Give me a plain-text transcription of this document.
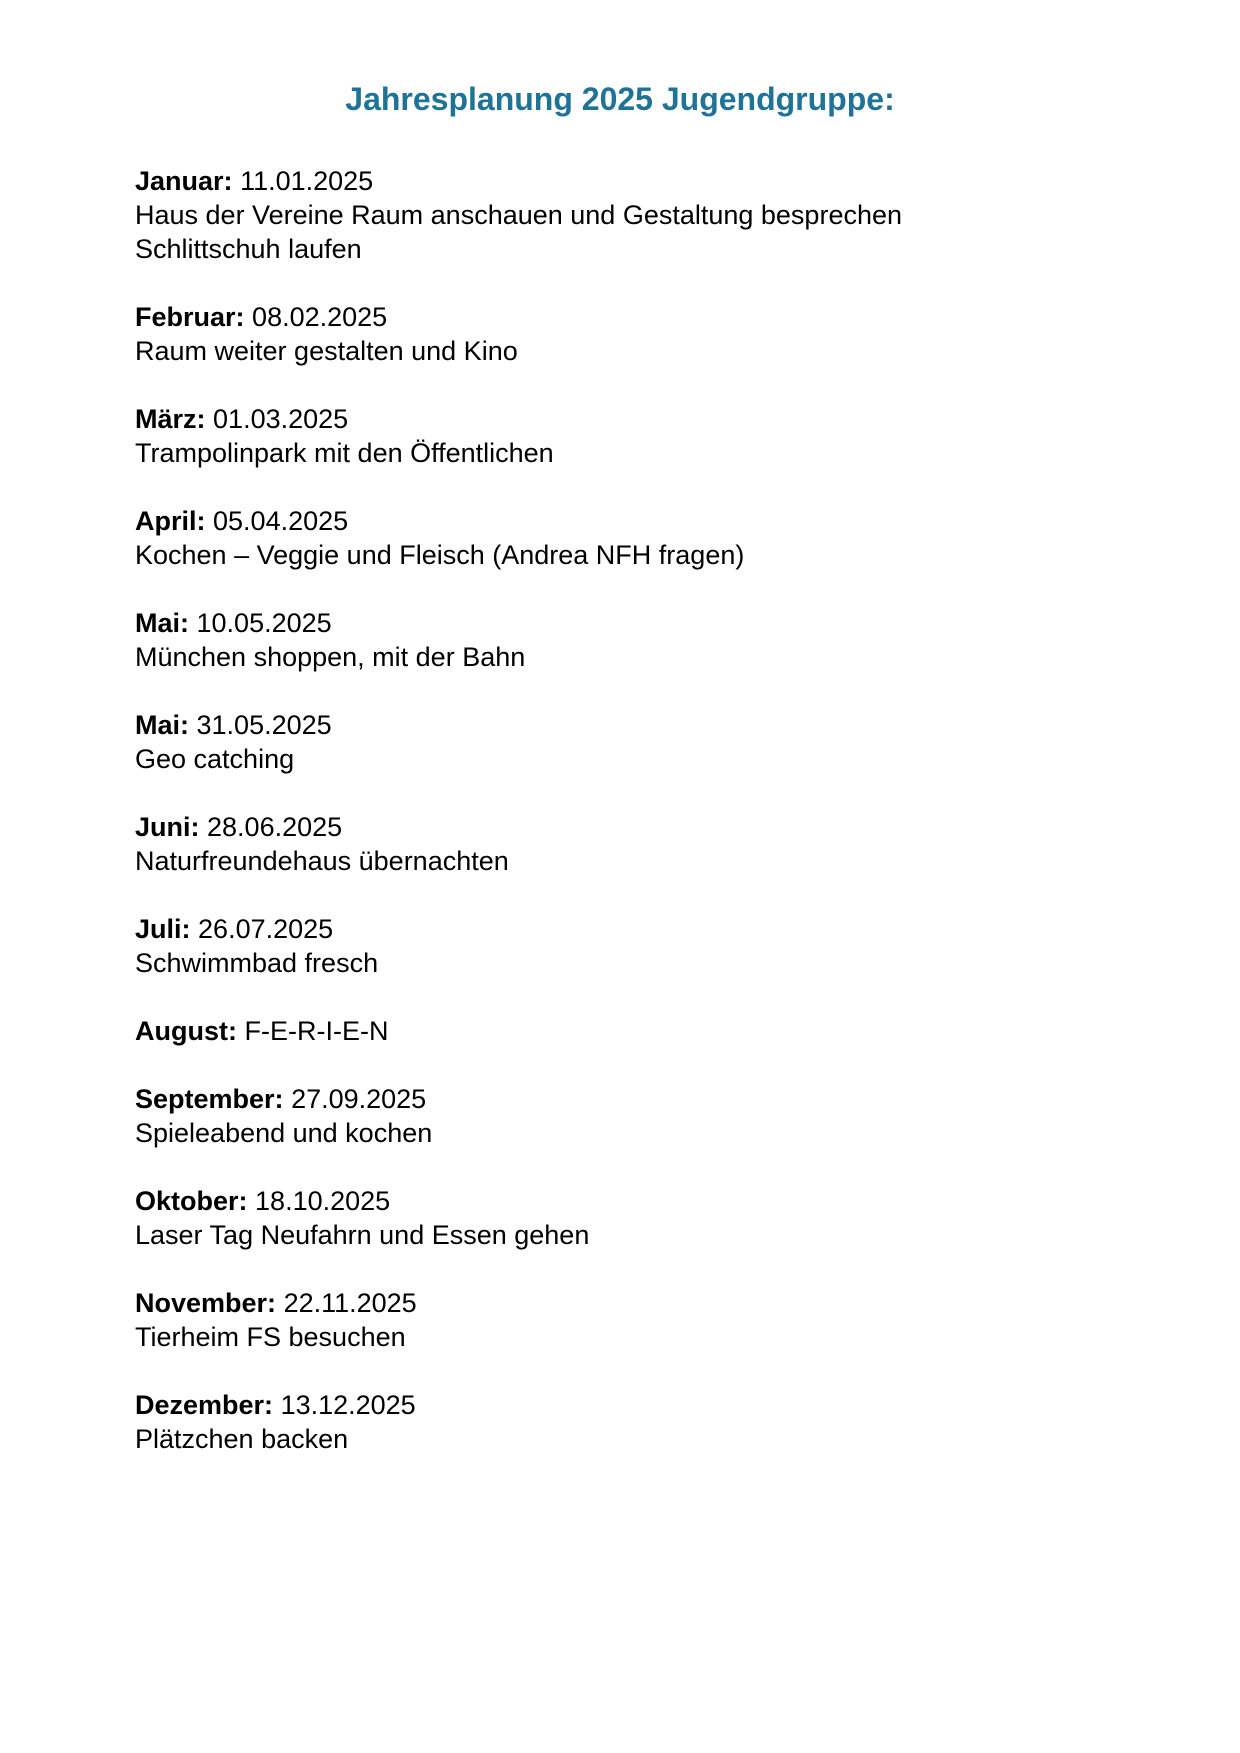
Jahresplanung 2025 Jugendgruppe:

Januar: 11.01.2025

Haus der Vereine Raum anschauen und Gestaltung besprechen

Schlittschuh laufen

Februar: 08.02.2025

Raum weiter gestalten und Kino

März: 01.03.2025

Trampolinpark mit den Öffentlichen

April: 05.04.2025

Kochen – Veggie und Fleisch (Andrea NFH fragen)

Mai: 10.05.2025

München shoppen, mit der Bahn

Mai: 31.05.2025

Geo catching

Juni: 28.06.2025

Naturfreundehaus übernachten

Juli: 26.07.2025

Schwimmbad fresch

August: F-E-R-I-E-N

September: 27.09.2025

Spieleabend und kochen

Oktober: 18.10.2025

Laser Tag Neufahrn und Essen gehen

November: 22.11.2025

Tierheim FS besuchen

Dezember: 13.12.2025

Plätzchen backen
